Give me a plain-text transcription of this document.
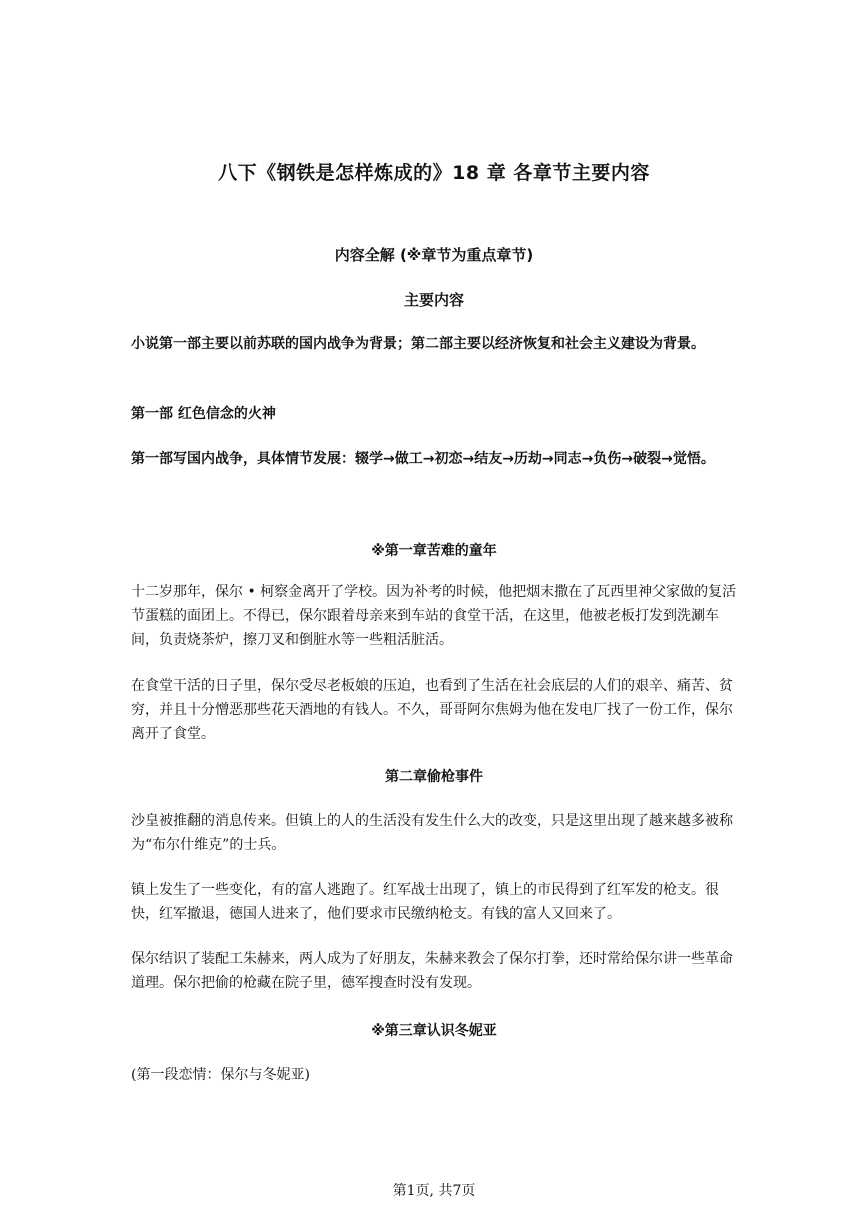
八下《钢铁是怎样炼成的》18 章 各章节主要内容
内容全解 (※章节为重点章节)
主要内容
小说第一部主要以前苏联的国内战争为背景；第二部主要以经济恢复和社会主义建设为背景。
第一部 红色信念的火神
第一部写国内战争，具体情节发展：辍学→做工→初恋→结友→历劫→同志→负伤→破裂→觉悟。
※第一章苦难的童年
十二岁那年，保尔 • 柯察金离开了学校。因为补考的时候，他把烟末撒在了瓦西里神父家做的复活节蛋糕的面团上。不得已，保尔跟着母亲来到车站的食堂干活，在这里，他被老板打发到洗涮车间，负责烧茶炉，擦刀叉和倒脏水等一些粗活脏活。
在食堂干活的日子里，保尔受尽老板娘的压迫，也看到了生活在社会底层的人们的艰辛、痛苦、贫穷，并且十分憎恶那些花天酒地的有钱人。不久，哥哥阿尔焦姆为他在发电厂找了一份工作，保尔离开了食堂。
第二章偷枪事件
沙皇被推翻的消息传来。但镇上的人的生活没有发生什么大的改变，只是这里出现了越来越多被称为“布尔什维克”的士兵。
镇上发生了一些变化，有的富人逃跑了。红军战士出现了，镇上的市民得到了红军发的枪支。很快，红军撤退，德国人进来了，他们要求市民缴纳枪支。有钱的富人又回来了。
保尔结识了装配工朱赫来，两人成为了好朋友，朱赫来教会了保尔打拳，还时常给保尔讲一些革命道理。保尔把偷的枪藏在院子里，德军搜查时没有发现。
※第三章认识冬妮亚
(第一段恋情：保尔与冬妮亚)
第1页, 共7页
